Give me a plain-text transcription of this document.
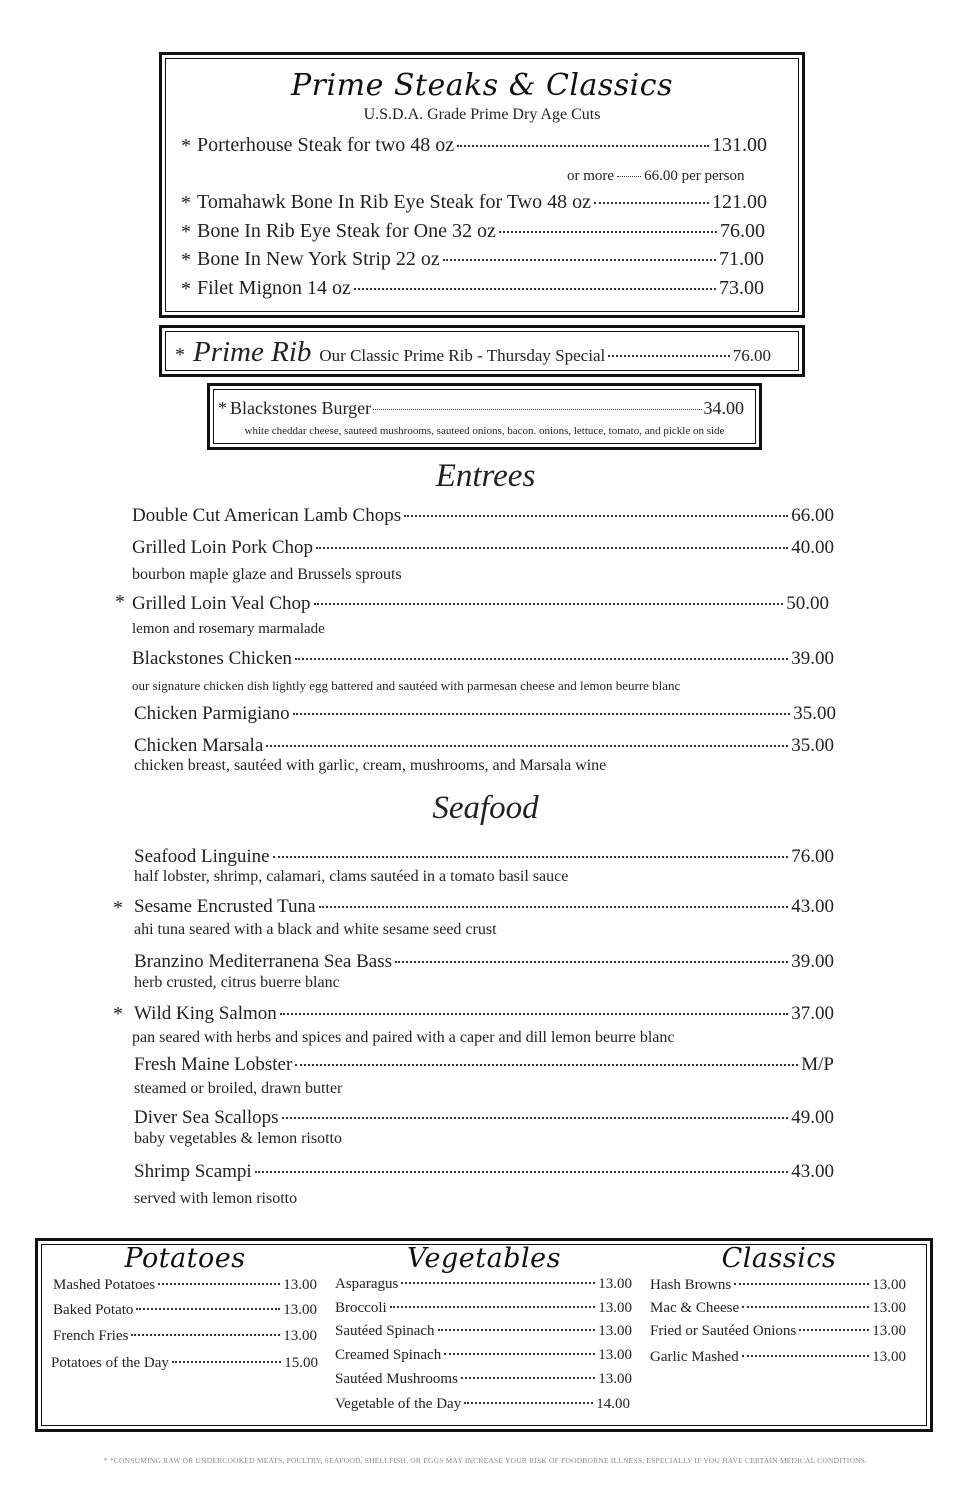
Prime Steaks & Classics
U.S.D.A. Grade Prime Dry Age Cuts
* Porterhouse Steak for two 48 oz	131.00
or more 66.00 per person
* Tomahawk Bone In Rib Eye Steak for Two 48 oz	121.00
* Bone In Rib Eye Steak for One 32 oz	76.00
* Bone In New York Strip 22 oz	71.00
* Filet Mignon 14 oz	73.00
* Prime Rib Our Classic Prime Rib - Thursday Special	76.00
* Blackstones Burger	34.00
white cheddar cheese, sauteed mushrooms, sauteed onions, bacon. onions, lettuce, tomato, and pickle on side
Entrees
Double Cut American Lamb Chops	66.00
Grilled Loin Pork Chop	40.00
bourbon maple glaze and Brussels sprouts
* Grilled Loin Veal Chop	50.00
lemon and rosemary marmalade
Blackstones Chicken	39.00
our signature chicken dish lightly egg battered and sautéed with parmesan cheese and lemon beurre blanc
Chicken Parmigiano	35.00
Chicken Marsala	35.00
chicken breast, sautéed with garlic, cream, mushrooms, and Marsala wine
Seafood
Seafood Linguine	76.00
half lobster, shrimp, calamari, clams sautéed in a tomato basil sauce
* Sesame Encrusted Tuna	43.00
ahi tuna seared with a black and white sesame seed crust
Branzino Mediterranena Sea Bass	39.00
herb crusted, citrus buerre blanc
* Wild King Salmon	37.00
pan seared with herbs and spices and paired with a caper and dill lemon beurre blanc
Fresh Maine Lobster	M/P
steamed or broiled, drawn butter
Diver Sea Scallops	49.00
baby vegetables & lemon risotto
Shrimp Scampi	43.00
served with lemon risotto
Potatoes
Mashed Potatoes	13.00
Baked Potato	13.00
French Fries	13.00
Potatoes of the Day	15.00
Vegetables
Asparagus	13.00
Broccoli	13.00
Sautéed Spinach	13.00
Creamed Spinach	13.00
Sautéed Mushrooms	13.00
Vegetable of the Day	14.00
Classics
Hash Browns	13.00
Mac & Cheese	13.00
Fried or Sautéed Onions	13.00
Garlic Mashed	13.00
* *CONSUMING RAW OR UNDERCOOKED MEATS, POULTRY, SEAFOOD, SHELLFISH, OR EGGS MAY INCREASE YOUR RISK OF FOODBORNE ILLNESS, ESPECIALLY IF YOU HAVE CERTAIN MEDICAL CONDITIONS.
